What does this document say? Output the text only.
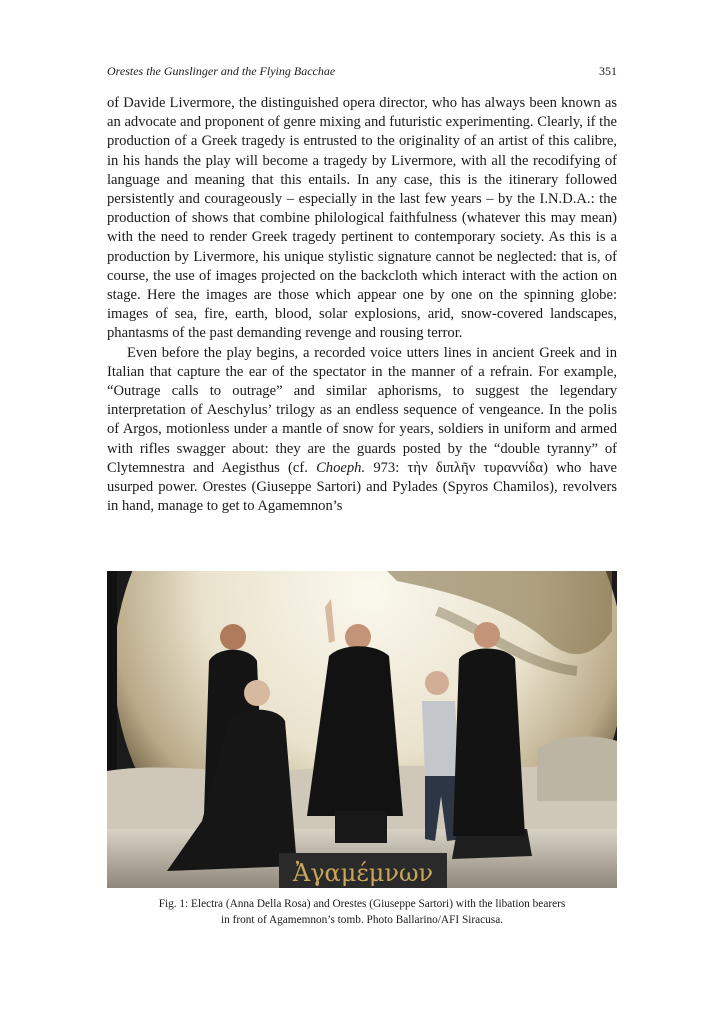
Orestes the Gunslinger and the Flying Bacchae	351

of Davide Livermore, the distinguished opera director, who has always been known as an advocate and proponent of genre mixing and futuristic experimenting. Clearly, if the production of a Greek tragedy is entrusted to the originality of an artist of this calibre, in his hands the play will become a tragedy by Livermore, with all the recodifying of language and meaning that this entails. In any case, this is the itinerary followed persistently and courageously – especially in the last few years – by the I.N.D.A.: the production of shows that combine philological faithfulness (whatever this may mean) with the need to render Greek tragedy pertinent to contemporary society. As this is a production by Livermore, his unique stylistic signature cannot be neglected: that is, of course, the use of images projected on the backcloth which interact with the action on stage. Here the images are those which appear one by one on the spinning globe: images of sea, fire, earth, blood, solar explosions, arid, snow-covered landscapes, phantasms of the past demanding revenge and rousing terror.

Even before the play begins, a recorded voice utters lines in ancient Greek and in Italian that capture the ear of the spectator in the manner of a refrain. For example, “Outrage calls to outrage” and similar aphorisms, to suggest the legendary interpretation of Aeschylus’ trilogy as an endless sequence of vengeance. In the polis of Argos, motionless under a mantle of snow for years, soldiers in uniform and armed with rifles swagger about: they are the guards posted by the “double tyranny” of Clytemnestra and Aegisthus (cf. Choeph. 973: τὴν διπλῆν τυραννίδα) who have usurped power. Orestes (Giuseppe Sartori) and Pylades (Spyros Chamilos), revolvers in hand, manage to get to Agamemnon’s

Ἀγαμέμνων
Fig. 1: Electra (Anna Della Rosa) and Orestes (Giuseppe Sartori) with the libation bearers
in front of Agamemnon’s tomb. Photo Ballarino/AFI Siracusa.
